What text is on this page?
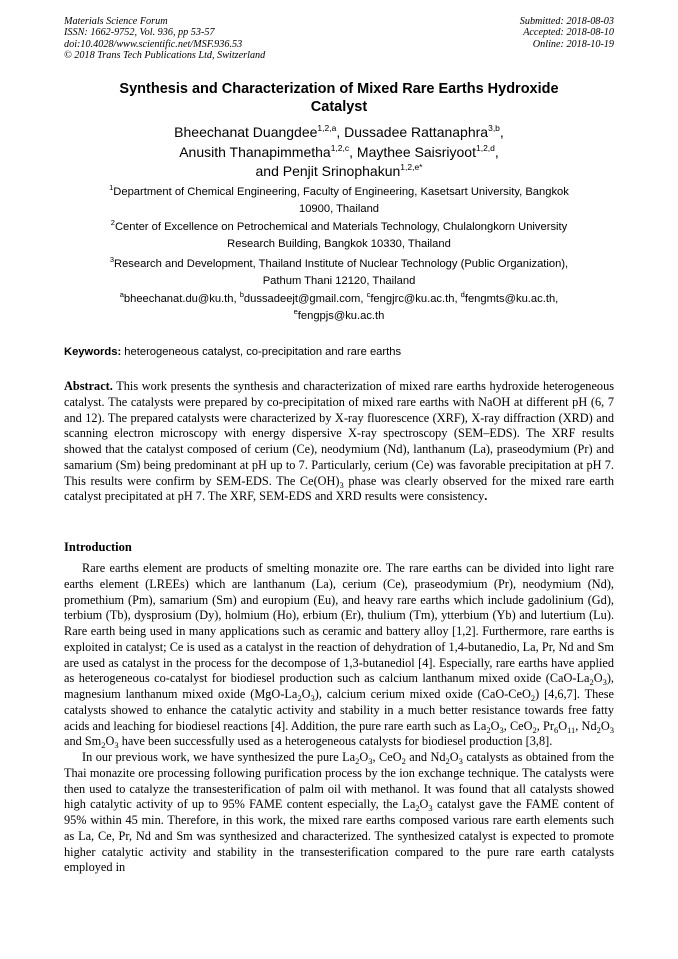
Materials Science Forum
ISSN: 1662-9752, Vol. 936, pp 53-57
doi:10.4028/www.scientific.net/MSF.936.53
© 2018 Trans Tech Publications Ltd, Switzerland
Submitted: 2018-08-03
Accepted: 2018-08-10
Online: 2018-10-19
Synthesis and Characterization of Mixed Rare Earths Hydroxide
Catalyst
Bheechanat Duangdee$^{1,2,a}$, Dussadee Rattanaphra$^{3,b}$,
Anusith Thanapimmetha$^{1,2,c}$, Maythee Saisriyoot$^{1,2,d}$,
and Penjit Srinophakun$^{1,2,e*}$
$^1$Department of Chemical Engineering, Faculty of Engineering, Kasetsart University, Bangkok
10900, Thailand
$^2$Center of Excellence on Petrochemical and Materials Technology, Chulalongkorn University
Research Building, Bangkok 10330, Thailand
$^3$Research and Development, Thailand Institute of Nuclear Technology (Public Organization),
Pathum Thani 12120, Thailand
$^a$bheechanat.du@ku.th, $^b$dussadeejt@gmail.com, $^c$fengjrc@ku.ac.th, $^d$fengmts@ku.ac.th,
$^e$fengpjs@ku.ac.th
Keywords: heterogeneous catalyst, co-precipitation and rare earths
Abstract. This work presents the synthesis and characterization of mixed rare earths hydroxide heterogeneous catalyst. The catalysts were prepared by co-precipitation of mixed rare earths with NaOH at different pH (6, 7 and 12). The prepared catalysts were characterized by X-ray fluorescence (XRF), X-ray diffraction (XRD) and scanning electron microscopy with energy dispersive X-ray spectroscopy (SEM–EDS). The XRF results showed that the catalyst composed of cerium (Ce), neodymium (Nd), lanthanum (La), praseodymium (Pr) and samarium (Sm) being predominant at pH up to 7. Particularly, cerium (Ce) was favorable precipitation at pH 7. This results were confirm by SEM-EDS. The $Ce(OH)_3$ phase was clearly observed for the mixed rare earth catalyst precipitated at pH 7. The XRF, SEM-EDS and XRD results were consistency.
Introduction

Rare earths element are products of smelting monazite ore. The rare earths can be divided into light rare earths element (LREEs) which are lanthanum (La), cerium (Ce), praseodymium (Pr), neodymium (Nd), promethium (Pm), samarium (Sm) and europium (Eu), and heavy rare earths which include gadolinium (Gd), terbium (Tb), dysprosium (Dy), holmium (Ho), erbium (Er), thulium (Tm), ytterbium (Yb) and lutertium (Lu). Rare earth being used in many applications such as ceramic and battery alloy [1,2]. Furthermore, rare earths is exploited in catalyst; Ce is used as a catalyst in the reaction of dehydration of 1,4-butanedio, La, Pr, Nd and Sm are used as catalyst in the process for the decompose of 1,3-butanediol [4]. Especially, rare earths have applied as heterogeneous co-catalyst for biodiesel production such as calcium lanthanum mixed oxide $(CaO-La_2O_3)$, magnesium lanthanum mixed oxide $(MgO-La_2O_3)$, calcium cerium mixed oxide (CaO-CeO$_2$) [4,6,7]. These catalysts showed to enhance the catalytic activity and stability in a much better resistance towards free fatty acids and leaching for biodiesel reactions [4]. Addition, the pure rare earth such as $La_2O_3$, CeO$_2$, $Pr_6O_{11}$, $Nd_2O_3$ and $Sm_2O_3$ have been successfully used as a heterogeneous catalysts for biodiesel production [3,8].

In our previous work, we have synthesized the pure $La_2O_3$, CeO$_2$ and $Nd_2O_3$ catalysts as obtained from the Thai monazite ore processing following purification process by the ion exchange technique. The catalysts were then used to catalyze the transesterification of palm oil with methanol. It was found that all catalysts showed high catalytic activity of up to 95% FAME content especially, the $La_2O_3$ catalyst gave the FAME content of 95% within 45 min. Therefore, in this work, the mixed rare earths composed various rare earth elements such as La, Ce, Pr, Nd and Sm was synthesized and characterized. The synthesized catalyst is expected to promote higher catalytic activity and stability in the transesterification compared to the pure rare earth catalysts employed in
